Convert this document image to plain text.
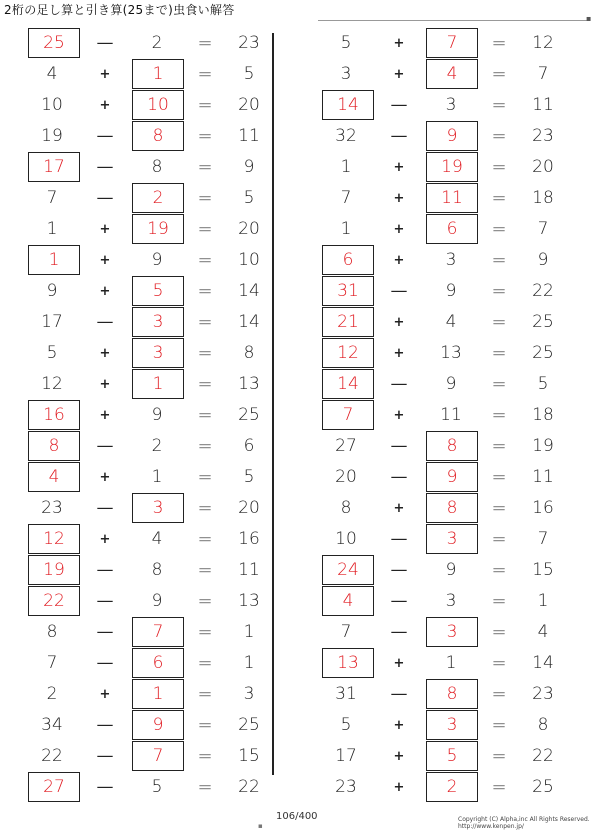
2桁の足し算と引き算(25まで)虫食い解答
▪
25	—	2	=	23
4	+	1	=	5
10	+	10	=	20
19	—	8	=	11
17	—	8	=	9
7	—	2	=	5
1	+	19	=	20
1	+	9	=	10
9	+	5	=	14
17	—	3	=	14
5	+	3	=	8
12	+	1	=	13
16	+	9	=	25
8	—	2	=	6
4	+	1	=	5
23	—	3	=	20
12	+	4	=	16
19	—	8	=	11
22	—	9	=	13
8	—	7	=	1
7	—	6	=	1
2	+	1	=	3
34	—	9	=	25
22	—	7	=	15
27	—	5	=	22
5	+	7	=	12
3	+	4	=	7
14	—	3	=	11
32	—	9	=	23
1	+	19	=	20
7	+	11	=	18
1	+	6	=	7
6	+	3	=	9
31	—	9	=	22
21	+	4	=	25
12	+	13	=	25
14	—	9	=	5
7	+	11	=	18
27	—	8	=	19
20	—	9	=	11
8	+	8	=	16
10	—	3	=	7
24	—	9	=	15
4	—	3	=	1
7	—	3	=	4
13	+	1	=	14
31	—	8	=	23
5	+	3	=	8
17	+	5	=	22
23	+	2	=	25
▪
106/400	Copyright (C) Alpha,inc All Rights Reserved.
http://www.kenpen.jp/
